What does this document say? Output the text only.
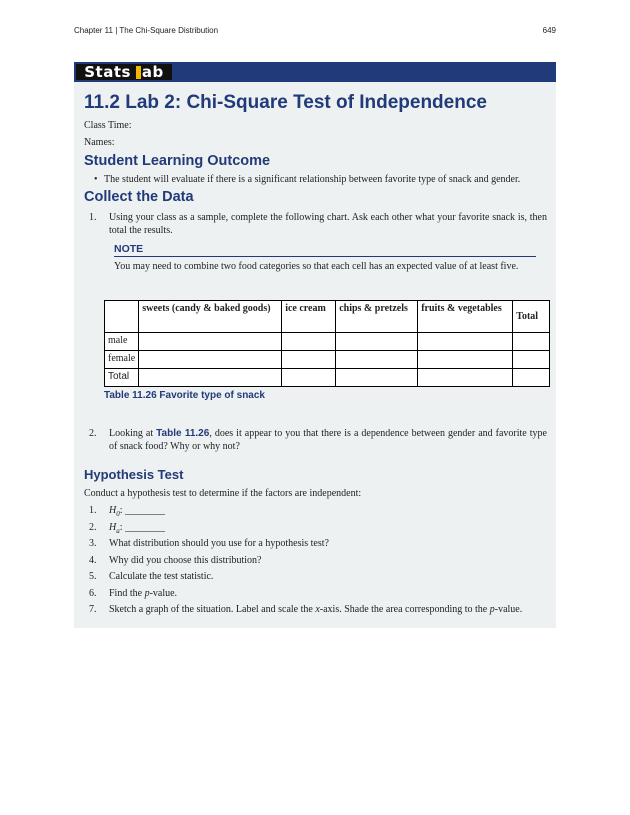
Chapter 11 | The Chi-Square Distribution	649
Stats ab
11.2 Lab 2: Chi-Square Test of Independence
Class Time:
Names:
Student Learning Outcome
• The student will evaluate if there is a significant relationship between favorite type of snack and gender.
Collect the Data
1. Using your class as a sample, complete the following chart. Ask each other what your favorite snack is, then total the results.
NOTE
You may need to combine two food categories so that each cell has an expected value of at least five.
	sweets (candy & baked goods)	ice cream	chips & pretzels	fruits & vegetables	Total
male					
female					
Total					
Table 11.26 Favorite type of snack
2. Looking at Table 11.26, does it appear to you that there is a dependence between gender and favorite type of snack food? Why or why not?
Hypothesis Test
Conduct a hypothesis test to determine if the factors are independent:
1. $H_0$: ________
2. $H_a$: ________
3. What distribution should you use for a hypothesis test?
4. Why did you choose this distribution?
5. Calculate the test statistic.
6. Find the p-value.
7. Sketch a graph of the situation. Label and scale the x-axis. Shade the area corresponding to the p-value.
